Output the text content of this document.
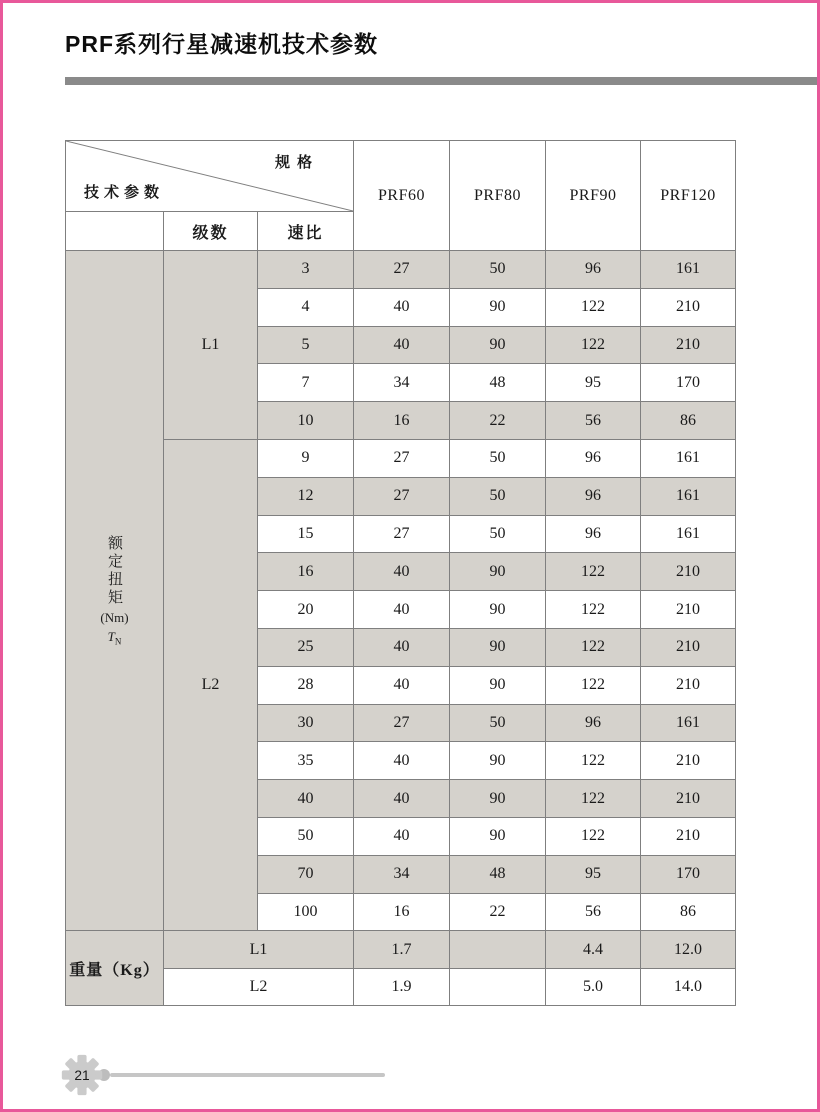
PRF系列行星减速机技术参数
规格
技术参数			PRF60	PRF80	PRF90	PRF120
	级数	速比				

额定扭矩
(Nm)
$T_N$	L1	3	27	50	96	161
		4	40	90	122	210
		5	40	90	122	210
		7	34	48	95	170
		10	16	22	56	86
	L2	9	27	50	96	161
		12	27	50	96	161
		15	27	50	96	161
		16	40	90	122	210
		20	40	90	122	210
		25	40	90	122	210
		28	40	90	122	210
		30	27	50	96	161
		35	40	90	122	210
		40	40	90	122	210
		50	40	90	122	210
		70	34	48	95	170
		100	16	22	56	86
重量（Kg）	L1		1.7		4.4	12.0
	L2		1.9		5.0	14.0
21
